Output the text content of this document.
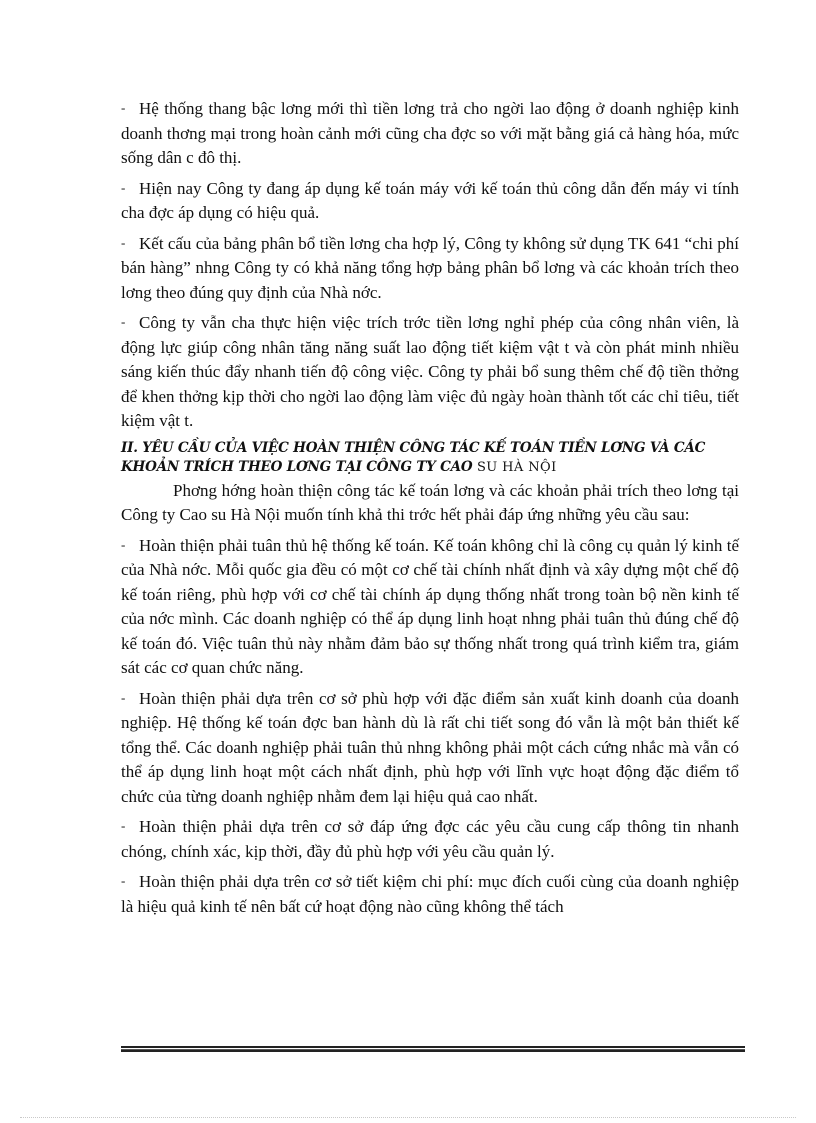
- Hệ thống thang bậc lơng mới thì tiền lơng trả cho ngời lao động ở doanh nghiệp kinh doanh thơng mại trong hoàn cảnh mới cũng cha đợc so với mặt bằng giá cả hàng hóa, mức sống dân c đô thị.

- Hiện nay Công ty đang áp dụng kế toán máy với kế toán thủ công dẫn đến máy vi tính cha đợc áp dụng có hiệu quả.

- Kết cấu của bảng phân bổ tiền lơng cha hợp lý, Công ty không sử dụng TK 641 “chi phí bán hàng” nhng Công ty có khả năng tổng hợp bảng phân bổ lơng và các khoản trích theo lơng theo đúng quy định của Nhà nớc.

- Công ty vẫn cha thực hiện việc trích trớc tiền lơng nghỉ phép của công nhân viên, là động lực giúp công nhân tăng năng suất lao động tiết kiệm vật t và còn phát minh nhiều sáng kiến thúc đẩy nhanh tiến độ công việc. Công ty phải bổ sung thêm chế độ tiền thởng để khen thởng kịp thời cho ngời lao động làm việc đủ ngày hoàn thành tốt các chỉ tiêu, tiết kiệm vật t.

II. YÊU CẦU CỦA VIỆC HOÀN THIỆN CÔNG TÁC KẾ TOÁN TIỀN LƠNG VÀ CÁC KHOẢN TRÍCH THEO LƠNG TẠI CÔNG TY CAO SU HÀ NỘI

Phơng hớng hoàn thiện công tác kế toán lơng và các khoản phải trích theo lơng tại Công ty Cao su Hà Nội muốn tính khả thi trớc hết phải đáp ứng những yêu cầu sau:

- Hoàn thiện phải tuân thủ hệ thống kế toán. Kế toán không chỉ là công cụ quản lý kinh tế của Nhà nớc. Mỗi quốc gia đều có một cơ chế tài chính nhất định và xây dựng một chế độ kế toán riêng, phù hợp với cơ chế tài chính áp dụng thống nhất trong toàn bộ nền kinh tế của nớc mình. Các doanh nghiệp có thể áp dụng linh hoạt nhng phải tuân thủ đúng chế độ kế toán đó. Việc tuân thủ này nhằm đảm bảo sự thống nhất trong quá trình kiểm tra, giám sát các cơ quan chức năng.

- Hoàn thiện phải dựa trên cơ sở phù hợp với đặc điểm sản xuất kinh doanh của doanh nghiệp. Hệ thống kế toán đợc ban hành dù là rất chi tiết song đó vẫn là một bản thiết kế tổng thể. Các doanh nghiệp phải tuân thủ nhng không phải một cách cứng nhắc mà vẫn có thể áp dụng linh hoạt một cách nhất định, phù hợp với lĩnh vực hoạt động đặc điểm tổ chức của từng doanh nghiệp nhằm đem lại hiệu quả cao nhất.

- Hoàn thiện phải dựa trên cơ sở đáp ứng đợc các yêu cầu cung cấp thông tin nhanh chóng, chính xác, kịp thời, đầy đủ phù hợp với yêu cầu quản lý.

- Hoàn thiện phải dựa trên cơ sở tiết kiệm chi phí: mục đích cuối cùng của doanh nghiệp là hiệu quả kinh tế nên bất cứ hoạt động nào cũng không thể tách
